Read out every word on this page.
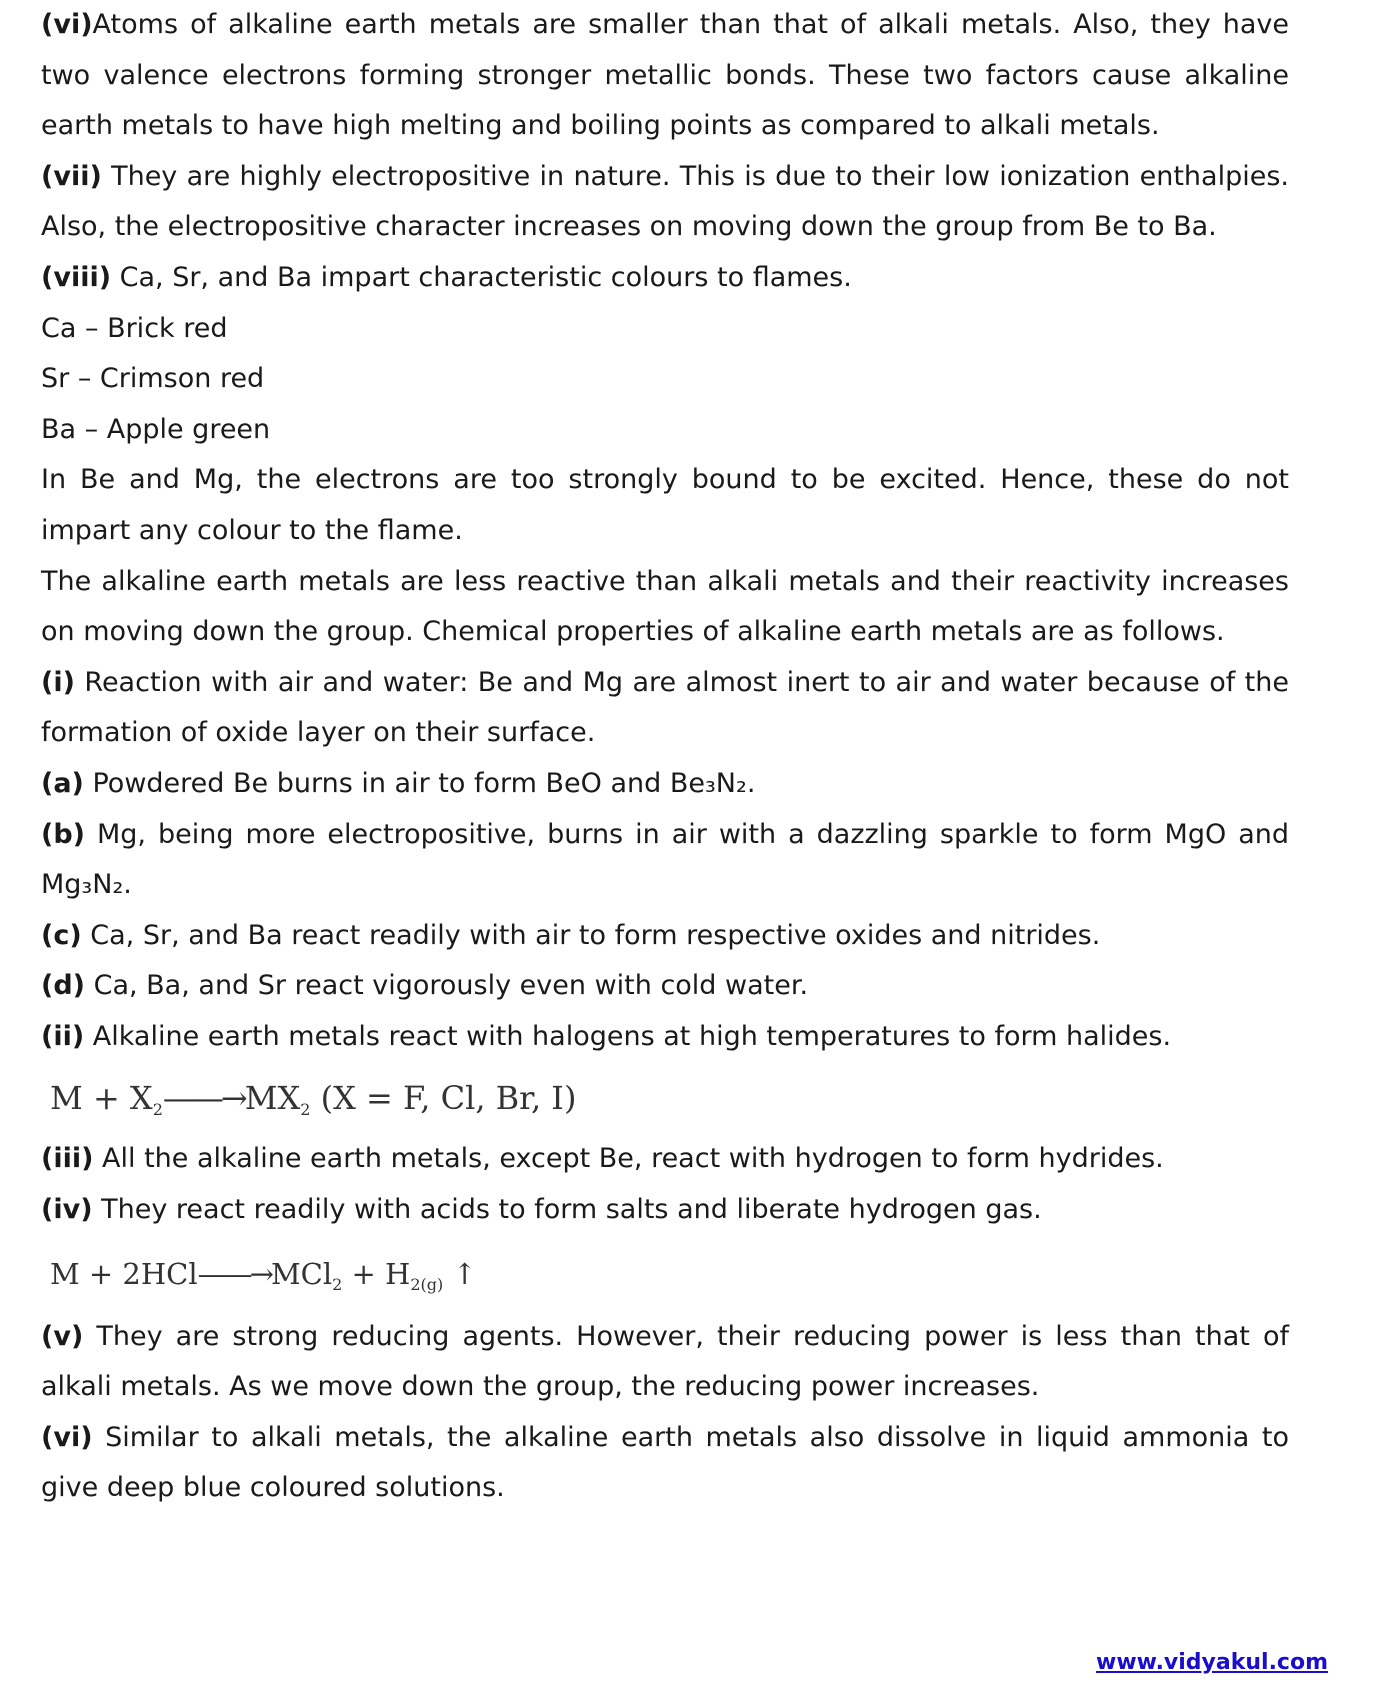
(vi)Atoms of alkaline earth metals are smaller than that of alkali metals. Also, they have two valence electrons forming stronger metallic bonds. These two factors cause alkaline earth metals to have high melting and boiling points as compared to alkali metals.

(vii) They are highly electropositive in nature. This is due to their low ionization enthalpies. Also, the electropositive character increases on moving down the group from Be to Ba.

(viii) Ca, Sr, and Ba impart characteristic colours to flames.

Ca – Brick red

Sr – Crimson red

Ba – Apple green

In Be and Mg, the electrons are too strongly bound to be excited. Hence, these do not impart any colour to the flame.

The alkaline earth metals are less reactive than alkali metals and their reactivity increases on moving down the group. Chemical properties of alkaline earth metals are as follows.

(i) Reaction with air and water: Be and Mg are almost inert to air and water because of the formation of oxide layer on their surface.

(a) Powdered Be burns in air to form BeO and Be₃N₂.

(b) Mg, being more electropositive, burns in air with a dazzling sparkle to form MgO and Mg₃N₂.

(c) Ca, Sr, and Ba react readily with air to form respective oxides and nitrides.

(d) Ca, Ba, and Sr react vigorously even with cold water.

(ii) Alkaline earth metals react with halogens at high temperatures to form halides.

$M + X_2——\to MX_2$ (X = F, Cl, Br, I)

(iii) All the alkaline earth metals, except Be, react with hydrogen to form hydrides.

(iv) They react readily with acids to form salts and liberate hydrogen gas.

M + 2HCl——→MCl$_2$ + $H_{2(g)}$ ↑

(v) They are strong reducing agents. However, their reducing power is less than that of alkali metals. As we move down the group, the reducing power increases.

(vi) Similar to alkali metals, the alkaline earth metals also dissolve in liquid ammonia to give deep blue coloured solutions.

www.vidyakul.com
